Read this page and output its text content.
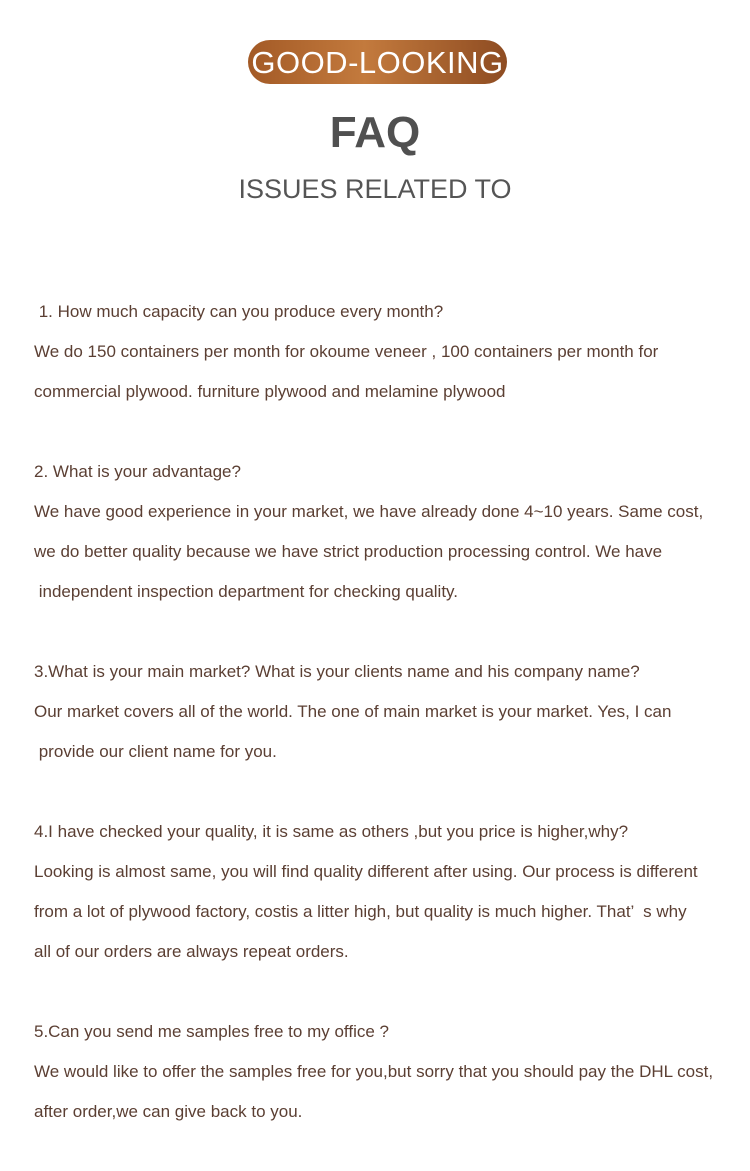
GOOD-LOOKING
FAQ
ISSUES RELATED TO
1. How much capacity can you produce every month?
We do 150 containers per month for okoume veneer , 100 containers per month for
commercial plywood. furniture plywood and melamine plywood
2. What is your advantage?
We have good experience in your market, we have already done 4~10 years. Same cost,
we do better quality because we have strict production processing control. We have
independent inspection department for checking quality.
3.What is your main market? What is your clients name and his company name?
Our market covers all of the world. The one of main market is your market. Yes, I can
provide our client name for you.
4.I have checked your quality, it is same as others ,but you price is higher,why?
Looking is almost same, you will find quality different after using. Our process is different
from a lot of plywood factory, costis a litter high, but quality is much higher. That’  s why
all of our orders are always repeat orders.
5.Can you send me samples free to my office ?
We would like to offer the samples free for you,but sorry that you should pay the DHL cost,
after order,we can give back to you.
